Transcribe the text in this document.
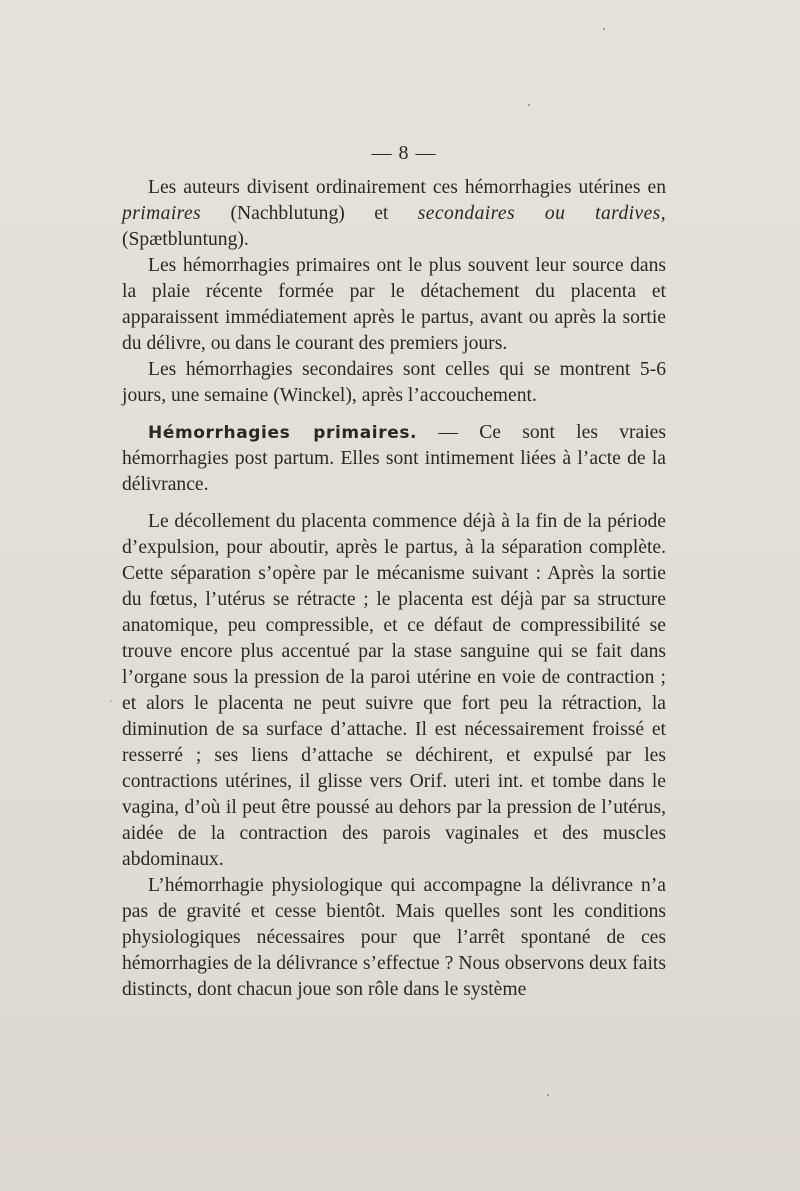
— 8 —

Les auteurs divisent ordinairement ces hémorrhagies utérines en primaires (Nachblutung) et secondaires ou tardives, (Spætbluntung).

Les hémorrhagies primaires ont le plus souvent leur source dans la plaie récente formée par le détachement du placenta et apparaissent immédiatement après le partus, avant ou après la sortie du délivre, ou dans le courant des premiers jours.

Les hémorrhagies secondaires sont celles qui se montrent 5-6 jours, une semaine (Winckel), après l’accouchement.

Hémorrhagies primaires. — Ce sont les vraies hémorrhagies post partum. Elles sont intimement liées à l’acte de la délivrance.

Le décollement du placenta commence déjà à la fin de la période d’expulsion, pour aboutir, après le partus, à la séparation complète. Cette séparation s’opère par le mécanisme suivant : Après la sortie du fœtus, l’utérus se rétracte ; le placenta est déjà par sa structure anatomique, peu compressible, et ce défaut de compressibilité se trouve encore plus accentué par la stase sanguine qui se fait dans l’organe sous la pression de la paroi utérine en voie de contraction ; et alors le placenta ne peut suivre que fort peu la rétraction, la diminution de sa surface d’attache. Il est nécessairement froissé et resserré ; ses liens d’attache se déchirent, et expulsé par les contractions utérines, il glisse vers Orif. uteri int. et tombe dans le vagina, d’où il peut être poussé au dehors par la pression de l’utérus, aidée de la contraction des parois vaginales et des muscles abdominaux.

L’hémorrhagie physiologique qui accompagne la délivrance n’a pas de gravité et cesse bientôt. Mais quelles sont les conditions physiologiques nécessaires pour que l’arrêt spontané de ces hémorrhagies de la délivrance s’effectue ? Nous observons deux faits distincts, dont chacun joue son rôle dans le système
